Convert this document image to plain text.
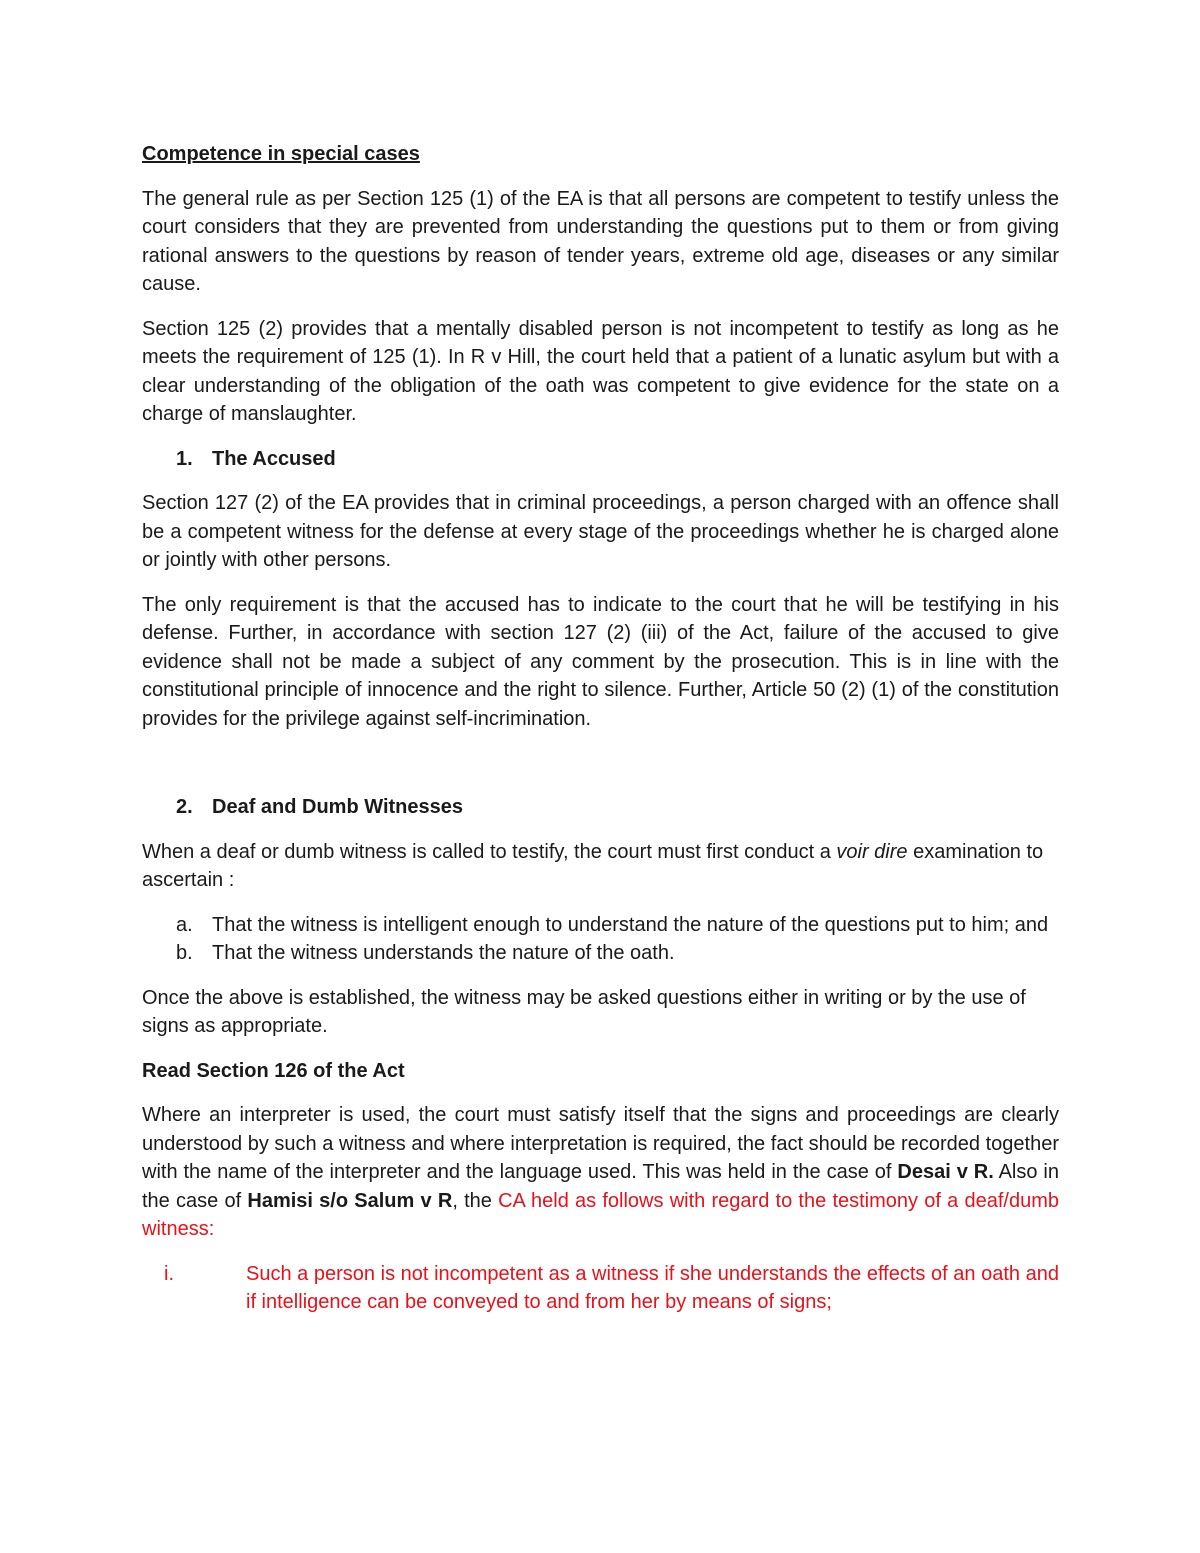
Competence in special cases

The general rule as per Section 125 (1) of the EA is that all persons are competent to testify unless the court considers that they are prevented from understanding the questions put to them or from giving rational answers to the questions by reason of tender years, extreme old age, diseases or any similar cause.

Section 125 (2) provides that a mentally disabled person is not incompetent to testify as long as he meets the requirement of 125 (1). In R v Hill, the court held that a patient of a lunatic asylum but with a clear understanding of the obligation of the oath was competent to give evidence for the state on a charge of manslaughter.

1. The Accused

Section 127 (2) of the EA provides that in criminal proceedings, a person charged with an offence shall be a competent witness for the defense at every stage of the proceedings whether he is charged alone or jointly with other persons.

The only requirement is that the accused has to indicate to the court that he will be testifying in his defense. Further, in accordance with section 127 (2) (iii) of the Act, failure of the accused to give evidence shall not be made a subject of any comment by the prosecution. This is in line with the constitutional principle of innocence and the right to silence. Further, Article 50 (2) (1) of the constitution provides for the privilege against self-incrimination.

2. Deaf and Dumb Witnesses

When a deaf or dumb witness is called to testify, the court must first conduct a voir dire examination to ascertain :

a. That the witness is intelligent enough to understand the nature of the questions put to him; and
b. That the witness understands the nature of the oath.

Once the above is established, the witness may be asked questions either in writing or by the use of signs as appropriate.

Read Section 126 of the Act

Where an interpreter is used, the court must satisfy itself that the signs and proceedings are clearly understood by such a witness and where interpretation is required, the fact should be recorded together with the name of the interpreter and the language used. This was held in the case of Desai v R. Also in the case of Hamisi s/o Salum v R, the CA held as follows with regard to the testimony of a deaf/dumb witness:

i.	Such a person is not incompetent as a witness if she understands the effects of an oath and if intelligence can be conveyed to and from her by means of signs;
